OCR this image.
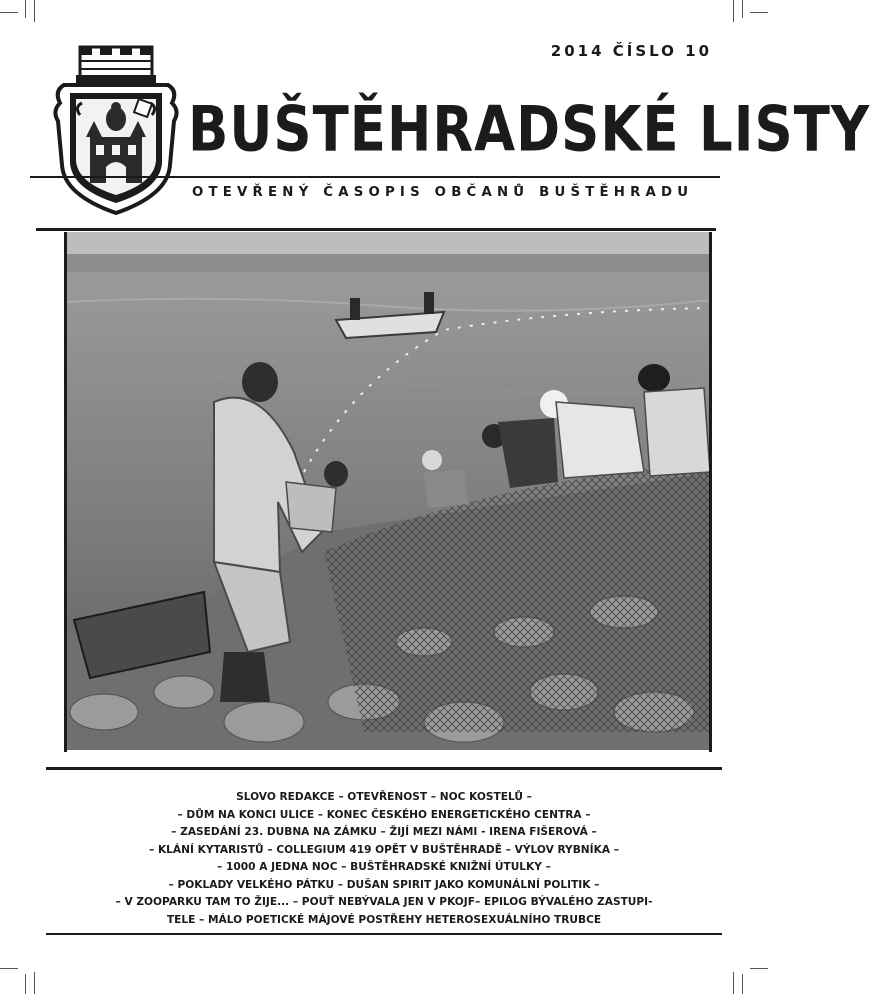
2014 ČÍSLO 10
BUŠTĚHRADSKÉ LISTY
OTEVŘENÝ ČASOPIS OBČANŮ BUŠTĚHRADU
SLOVO REDAKCE – OTEVŘENOST – NOC KOSTELŮ –
– DŮM NA KONCI ULICE – KONEC ČESKÉHO ENERGETICKÉHO CENTRA –
– ZASEDÁNÍ 23. DUBNA NA ZÁMKU – ŽIJÍ MEZI NÁMI - IRENA FIŠEROVÁ –
– KLÁNÍ KYTARISTŮ – COLLEGIUM 419 OPĚT V BUŠTĚHRADĚ – VÝLOV RYBNÍKA –
– 1000 A JEDNA NOC – BUŠTĚHRADSKÉ KNIŽNÍ ÚTULKY –
– POKLADY VELKÉHO PÁTKU – DUŠAN SPIRIT JAKO KOMUNÁLNÍ POLITIK –
– V ZOOPARKU TAM TO ŽIJE... – POUŤ NEBÝVALA JEN V PKOJF– EPILOG BÝVALÉHO ZASTUPI-
TELE – MÁLO POETICKÉ MÁJOVÉ POSTŘEHY HETEROSEXUÁLNÍHO TRUBCE
